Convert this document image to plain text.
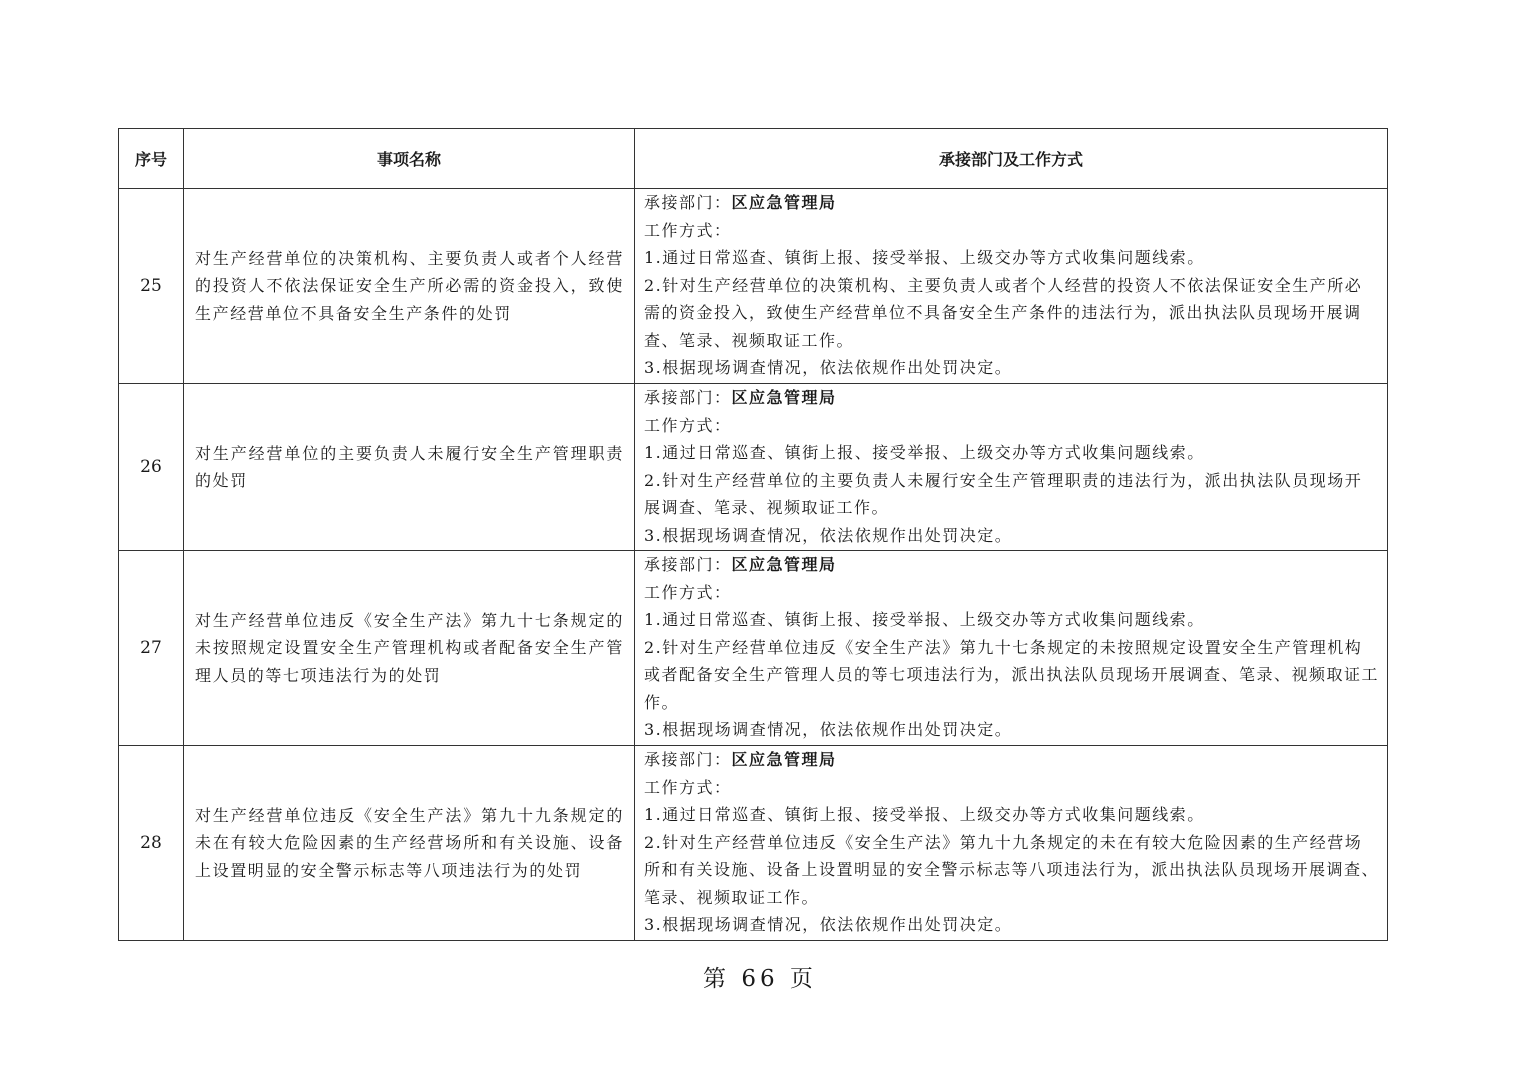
序号	事项名称	承接部门及工作方式
25	对生产经营单位的决策机构、主要负责人或者个人经营的投资人不依法保证安全生产所必需的资金投入，致使生产经营单位不具备安全生产条件的处罚	承接部门：区应急管理局
工作方式：
1.通过日常巡查、镇街上报、接受举报、上级交办等方式收集问题线索。
2.针对生产经营单位的决策机构、主要负责人或者个人经营的投资人不依法保证安全生产所必需的资金投入，致使生产经营单位不具备安全生产条件的违法行为，派出执法队员现场开展调查、笔录、视频取证工作。
3.根据现场调查情况，依法依规作出处罚决定。

26	对生产经营单位的主要负责人未履行安全生产管理职责的处罚	承接部门：区应急管理局
工作方式：
1.通过日常巡查、镇街上报、接受举报、上级交办等方式收集问题线索。
2.针对生产经营单位的主要负责人未履行安全生产管理职责的违法行为，派出执法队员现场开展调查、笔录、视频取证工作。
3.根据现场调查情况，依法依规作出处罚决定。

27	对生产经营单位违反《安全生产法》第九十七条规定的未按照规定设置安全生产管理机构或者配备安全生产管理人员的等七项违法行为的处罚	承接部门：区应急管理局
工作方式：
1.通过日常巡查、镇街上报、接受举报、上级交办等方式收集问题线索。
2.针对生产经营单位违反《安全生产法》第九十七条规定的未按照规定设置安全生产管理机构或者配备安全生产管理人员的等七项违法行为，派出执法队员现场开展调查、笔录、视频取证工作。
3.根据现场调查情况，依法依规作出处罚决定。

28	对生产经营单位违反《安全生产法》第九十九条规定的未在有较大危险因素的生产经营场所和有关设施、设备上设置明显的安全警示标志等八项违法行为的处罚	承接部门：区应急管理局
工作方式：
1.通过日常巡查、镇街上报、接受举报、上级交办等方式收集问题线索。
2.针对生产经营单位违反《安全生产法》第九十九条规定的未在有较大危险因素的生产经营场所和有关设施、设备上设置明显的安全警示标志等八项违法行为，派出执法队员现场开展调查、笔录、视频取证工作。
3.根据现场调查情况，依法依规作出处罚决定。
第 66 页
